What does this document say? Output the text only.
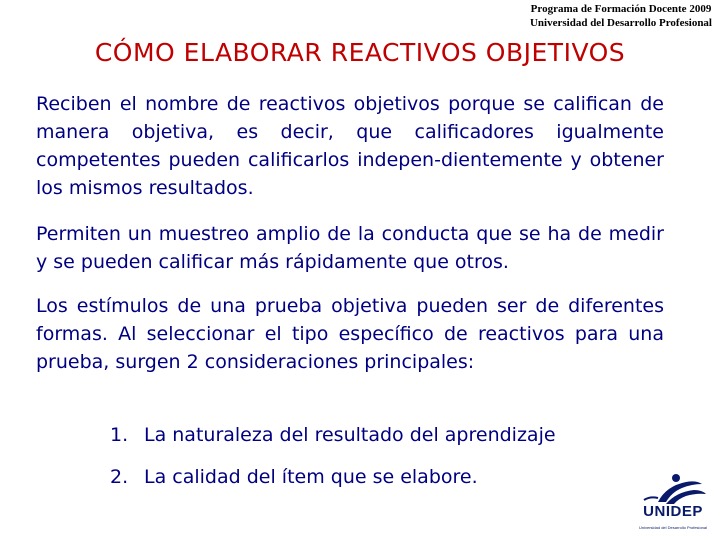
Programa de Formación Docente 2009
Universidad del Desarrollo Profesional
CÓMO ELABORAR REACTIVOS OBJETIVOS

Reciben el nombre de reactivos objetivos porque se califican de manera objetiva, es decir, que calificadores igualmente competentes pueden calificarlos indepen-dientemente y obtener los mismos resultados.

Permiten un muestreo amplio de la conducta que se ha de medir y se pueden calificar más rápidamente que otros.

Los estímulos de una prueba objetiva pueden ser de diferentes formas. Al seleccionar el tipo específico de reactivos para una prueba, surgen 2 consideraciones principales:

1. La naturaleza del resultado del aprendizaje
2. La calidad del ítem que se elabore.
UNIDEP
Universidad del Desarrollo Profesional
